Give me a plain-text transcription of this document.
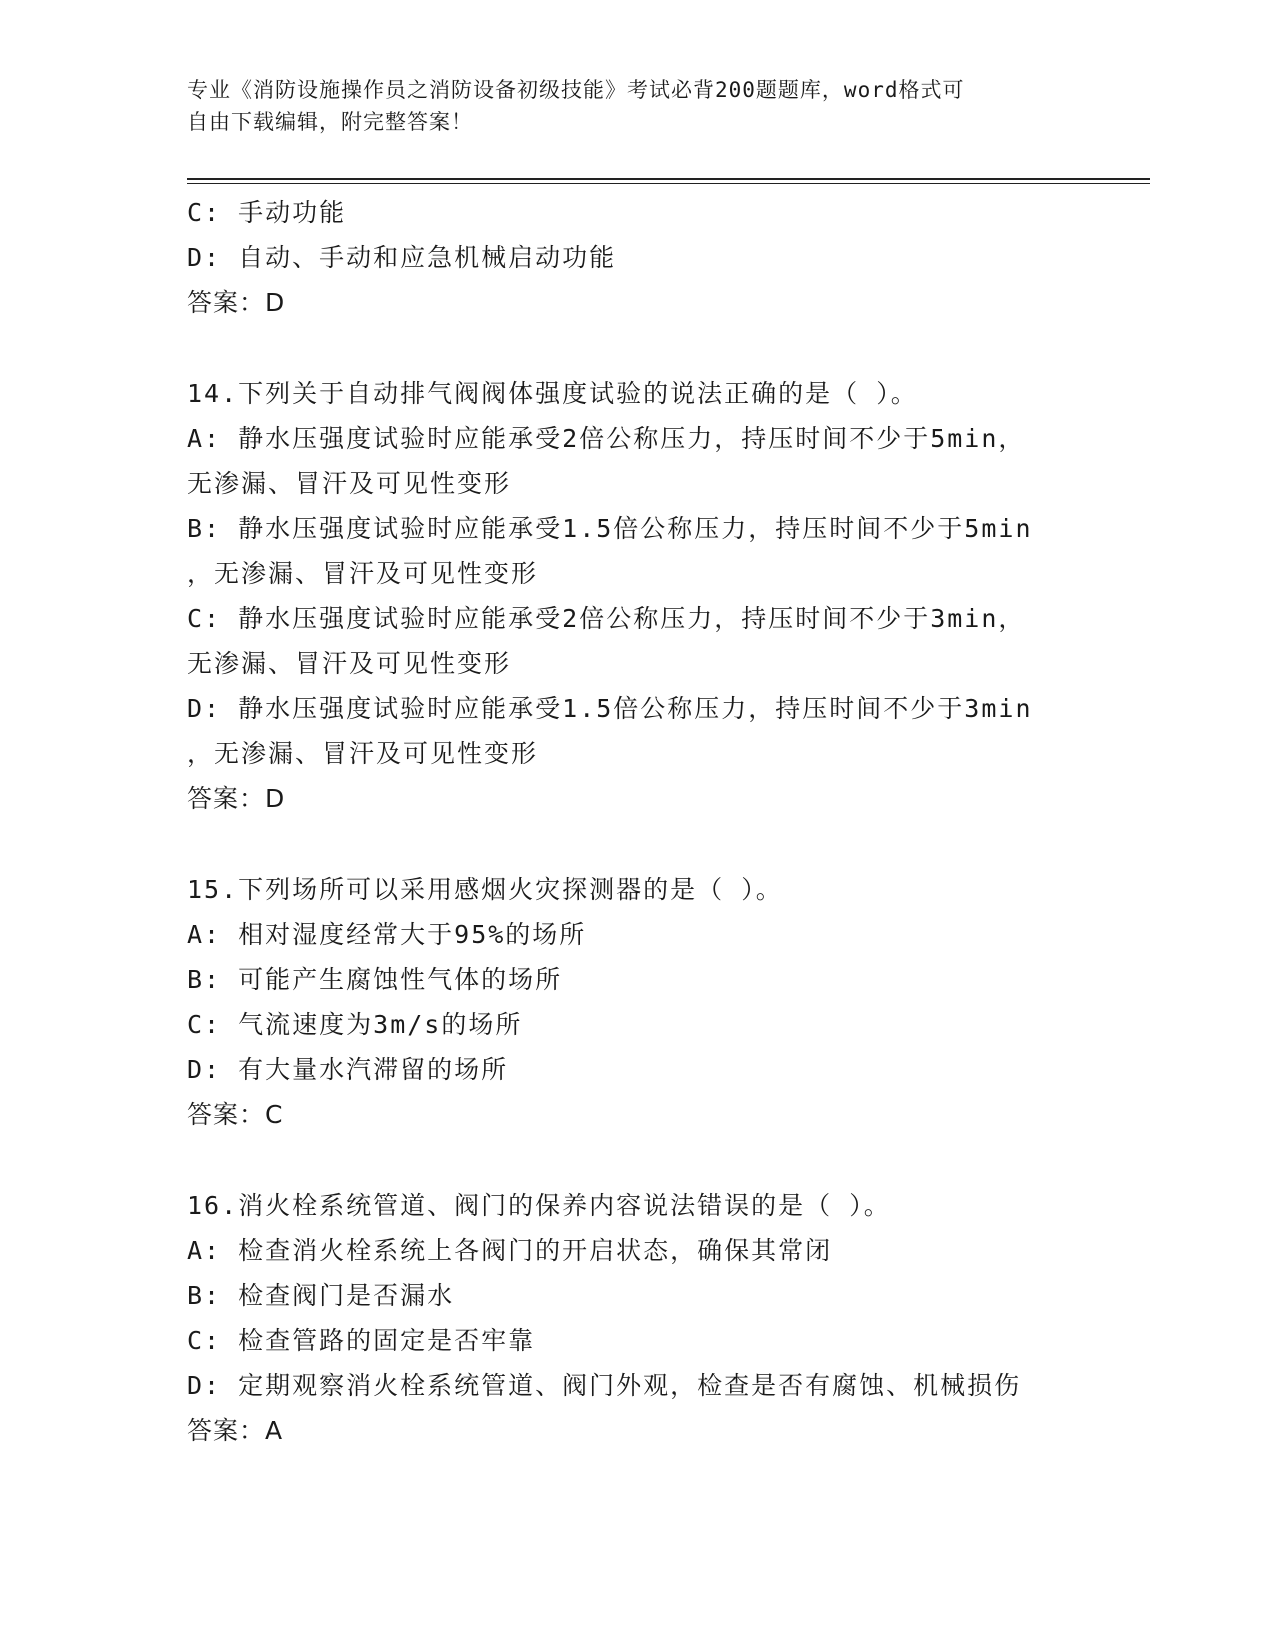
专业《消防设施操作员之消防设备初级技能》考试必背200题题库，word格式可
自由下载编辑，附完整答案！
C: 手动功能
D: 自动、手动和应急机械启动功能
答案：D
14.下列关于自动排气阀阀体强度试验的说法正确的是（ ）。
A: 静水压强度试验时应能承受2倍公称压力，持压时间不少于5min，
无渗漏、冒汗及可见性变形
B: 静水压强度试验时应能承受1.5倍公称压力，持压时间不少于5min
，无渗漏、冒汗及可见性变形
C: 静水压强度试验时应能承受2倍公称压力，持压时间不少于3min，
无渗漏、冒汗及可见性变形
D: 静水压强度试验时应能承受1.5倍公称压力，持压时间不少于3min
，无渗漏、冒汗及可见性变形
答案：D
15.下列场所可以采用感烟火灾探测器的是（ ）。
A: 相对湿度经常大于95%的场所
B: 可能产生腐蚀性气体的场所
C: 气流速度为3m/s的场所
D: 有大量水汽滞留的场所
答案：C
16.消火栓系统管道、阀门的保养内容说法错误的是（ ）。
A: 检查消火栓系统上各阀门的开启状态，确保其常闭
B: 检查阀门是否漏水
C: 检查管路的固定是否牢靠
D: 定期观察消火栓系统管道、阀门外观，检查是否有腐蚀、机械损伤
答案：A
